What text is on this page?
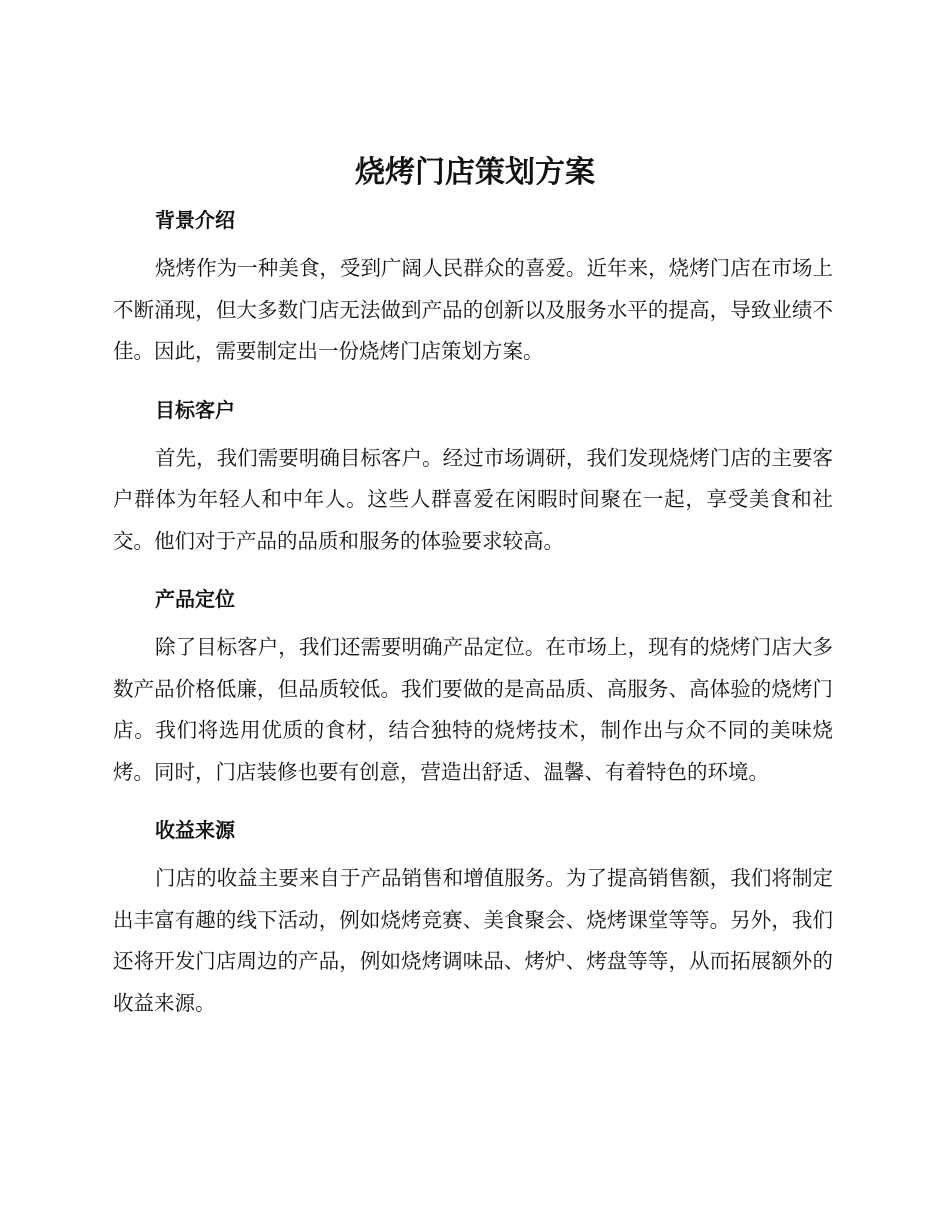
烧烤门店策划方案
背景介绍

烧烤作为一种美食，受到广阔人民群众的喜爱。近年来，烧烤门店在市场上不断涌现，但大多数门店无法做到产品的创新以及服务水平的提高，导致业绩不佳。因此，需要制定出一份烧烤门店策划方案。

目标客户

首先，我们需要明确目标客户。经过市场调研，我们发现烧烤门店的主要客户群体为年轻人和中年人。这些人群喜爱在闲暇时间聚在一起，享受美食和社交。他们对于产品的品质和服务的体验要求较高。

产品定位

除了目标客户，我们还需要明确产品定位。在市场上，现有的烧烤门店大多数产品价格低廉，但品质较低。我们要做的是高品质、高服务、高体验的烧烤门店。我们将选用优质的食材，结合独特的烧烤技术，制作出与众不同的美味烧烤。同时，门店装修也要有创意，营造出舒适、温馨、有着特色的环境。

收益来源

门店的收益主要来自于产品销售和增值服务。为了提高销售额，我们将制定出丰富有趣的线下活动，例如烧烤竞赛、美食聚会、烧烤课堂等等。另外，我们还将开发门店周边的产品，例如烧烤调味品、烤炉、烤盘等等，从而拓展额外的收益来源。
